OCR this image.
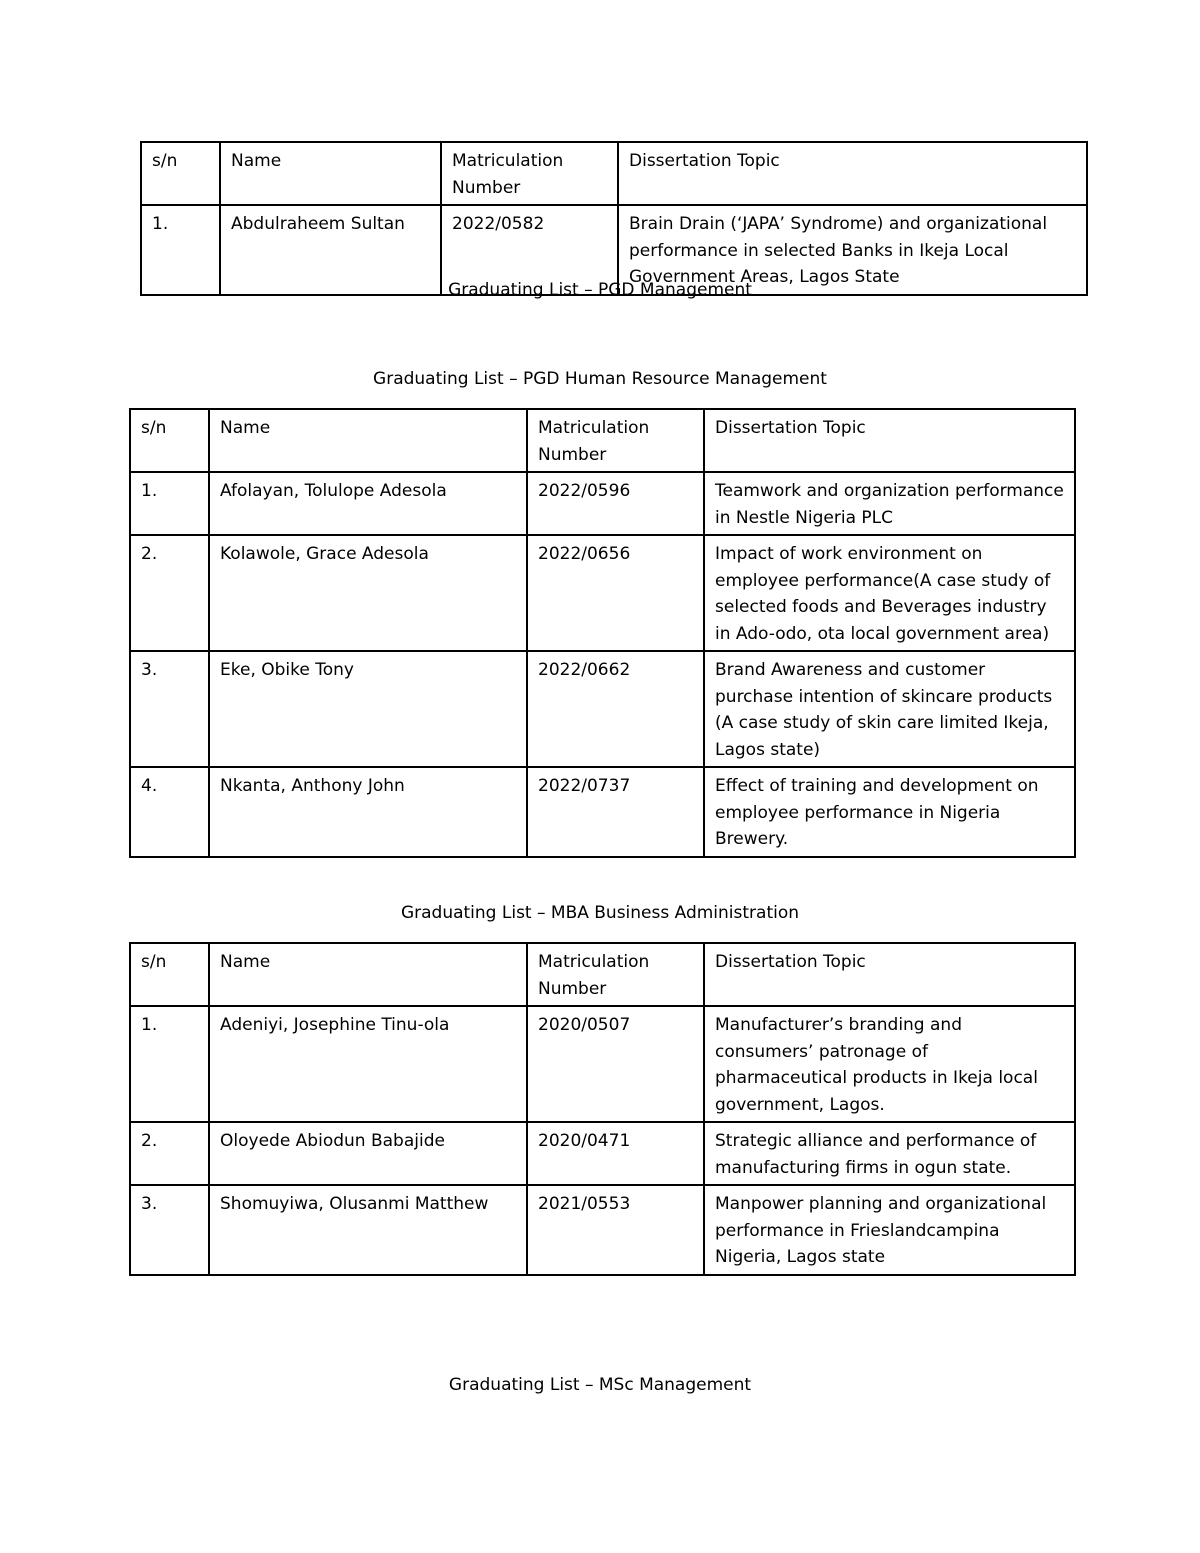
s/n	Name	Matriculation Number	Dissertation Topic
1.	Abdulraheem Sultan	2022/0582	Brain Drain (‘JAPA’ Syndrome) and organizational performance in selected Banks in Ikeja Local Government Areas, Lagos State
Graduating List – PGD Management
Graduating List – PGD Human Resource Management
s/n	Name	Matriculation Number	Dissertation Topic
1.	Afolayan, Tolulope Adesola	2022/0596	Teamwork and organization performance in Nestle Nigeria PLC
2.	Kolawole, Grace Adesola	2022/0656	Impact of work environment on employee performance(A case study of selected foods and Beverages industry in Ado-odo, ota local government area)
3.	Eke, Obike Tony	2022/0662	Brand Awareness and customer purchase intention of skincare products (A case study of skin care limited Ikeja, Lagos state)
4.	Nkanta, Anthony John	2022/0737	Effect of training and development on employee performance in Nigeria Brewery.
Graduating List – MBA Business Administration
s/n	Name	Matriculation Number	Dissertation Topic
1.	Adeniyi, Josephine Tinu-ola	2020/0507	Manufacturer’s branding and consumers’ patronage of pharmaceutical products in Ikeja local government, Lagos.
2.	Oloyede Abiodun Babajide	2020/0471	Strategic alliance and performance of manufacturing firms in ogun state.
3.	Shomuyiwa, Olusanmi Matthew	2021/0553	Manpower planning and organizational performance in Frieslandcampina Nigeria, Lagos state
Graduating List – MSc Management
